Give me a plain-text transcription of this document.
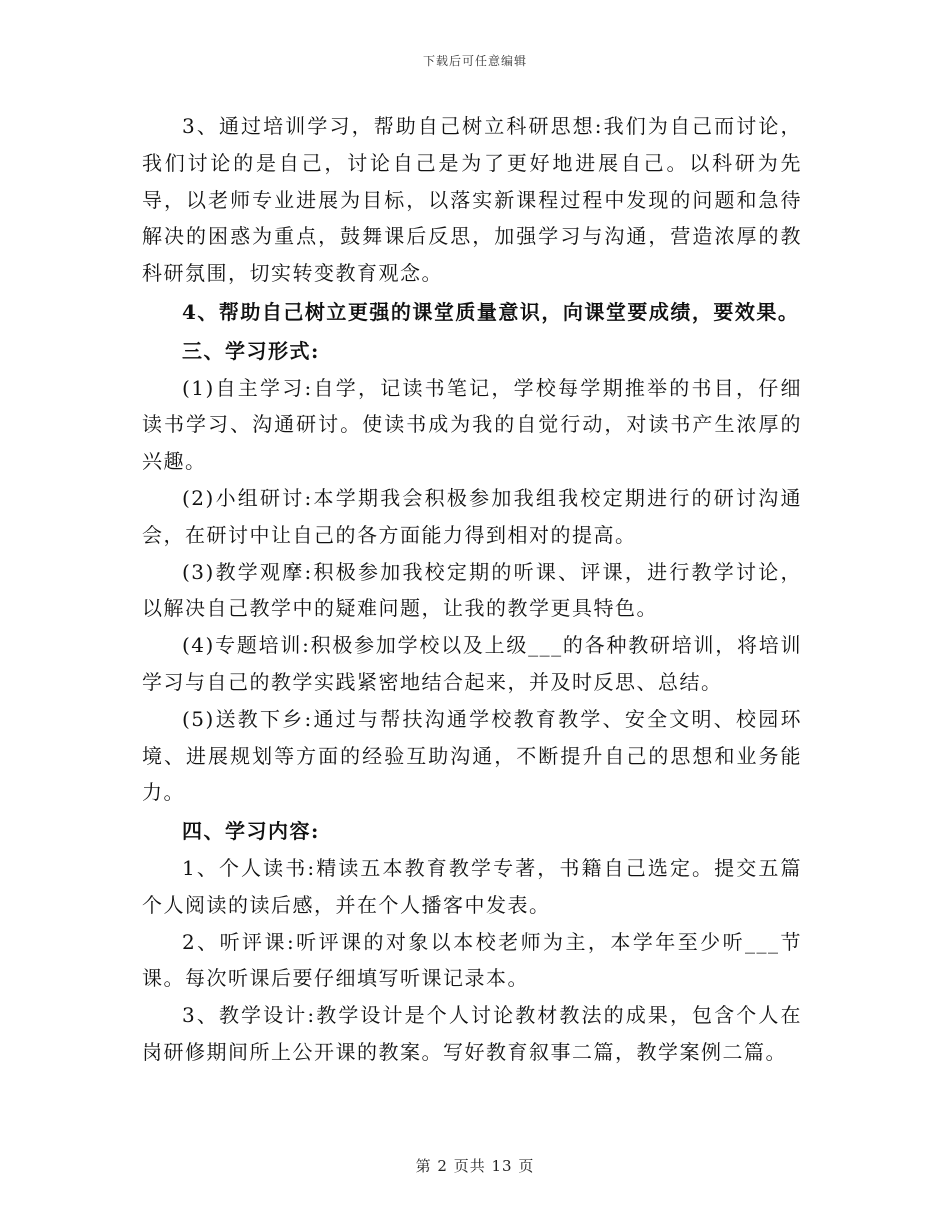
下载后可任意编辑

3、通过培训学习，帮助自己树立科研思想:我们为自己而讨论，我们讨论的是自己，讨论自己是为了更好地进展自己。以科研为先导，以老师专业进展为目标，以落实新课程过程中发现的问题和急待解决的困惑为重点，鼓舞课后反思，加强学习与沟通，营造浓厚的教科研氛围，切实转变教育观念。

4、帮助自己树立更强的课堂质量意识，向课堂要成绩，要效果。

三、学习形式:

(1)自主学习:自学，记读书笔记，学校每学期推举的书目，仔细读书学习、沟通研讨。使读书成为我的自觉行动，对读书产生浓厚的兴趣。

(2)小组研讨:本学期我会积极参加我组我校定期进行的研讨沟通会，在研讨中让自己的各方面能力得到相对的提高。

(3)教学观摩:积极参加我校定期的听课、评课，进行教学讨论，以解决自己教学中的疑难问题，让我的教学更具特色。

(4)专题培训:积极参加学校以及上级___的各种教研培训，将培训学习与自己的教学实践紧密地结合起来，并及时反思、总结。

(5)送教下乡:通过与帮扶沟通学校教育教学、安全文明、校园环境、进展规划等方面的经验互助沟通，不断提升自己的思想和业务能力。

四、学习内容:

1、个人读书:精读五本教育教学专著，书籍自己选定。提交五篇个人阅读的读后感，并在个人播客中发表。

2、听评课:听评课的对象以本校老师为主，本学年至少听___节课。每次听课后要仔细填写听课记录本。

3、教学设计:教学设计是个人讨论教材教法的成果，包含个人在岗研修期间所上公开课的教案。写好教育叙事二篇，教学案例二篇。

第 2 页共 13 页
